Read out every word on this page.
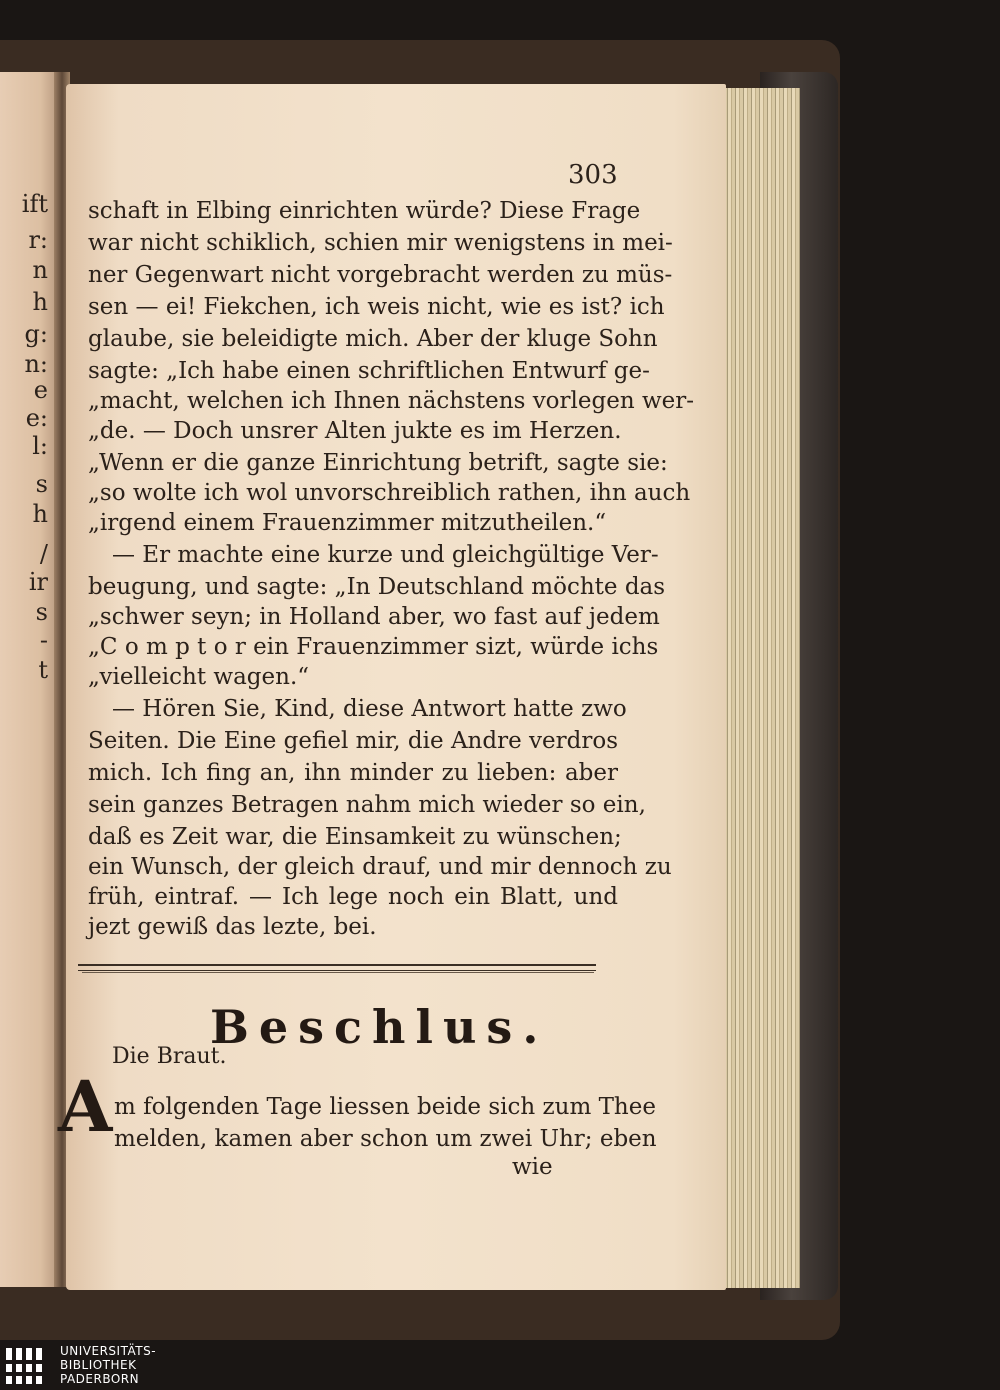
ift
r:
n
h
g:
n:
e
e:
l:
s
h
/
ir
s
-
t
303
schaft in Elbing einrichten würde? Diese Frage
war nicht schiklich, schien mir wenigstens in mei-
ner Gegenwart nicht vorgebracht werden zu müs-
sen — ei! Fiekchen, ich weis nicht, wie es ist? ich
glaube, sie beleidigte mich. Aber der kluge Sohn
sagte: „Ich habe einen schriftlichen Entwurf ge-
„macht, welchen ich Ihnen nächstens vorlegen wer-
„de. — Doch unsrer Alten jukte es im Herzen.
„Wenn er die ganze Einrichtung betrift, sagte sie:
„so wolte ich wol unvorschreiblich rathen, ihn auch
„irgend einem Frauenzimmer mitzutheilen.“
— Er machte eine kurze und gleichgültige Ver-
beugung, und sagte: „In Deutschland möchte das
„schwer seyn; in Holland aber, wo fast auf jedem
„C o m p t o r ein Frauenzimmer sizt, würde ichs
„vielleicht wagen.“
— Hören Sie, Kind, diese Antwort hatte zwo
Seiten. Die Eine gefiel mir, die Andre verdros
mich. Ich fing an, ihn minder zu lieben: aber
sein ganzes Betragen nahm mich wieder so ein,
daß es Zeit war, die Einsamkeit zu wünschen;
ein Wunsch, der gleich drauf, und mir dennoch zu
früh, eintraf. — Ich lege noch ein Blatt, und
jezt gewiß das lezte, bei.
Beschlus.
Die Braut.
A m folgenden Tage liessen beide sich zum Thee
melden, kamen aber schon um zwei Uhr; eben
wie
UNIVERSITÄTS-
BIBLIOTHEK
PADERBORN
